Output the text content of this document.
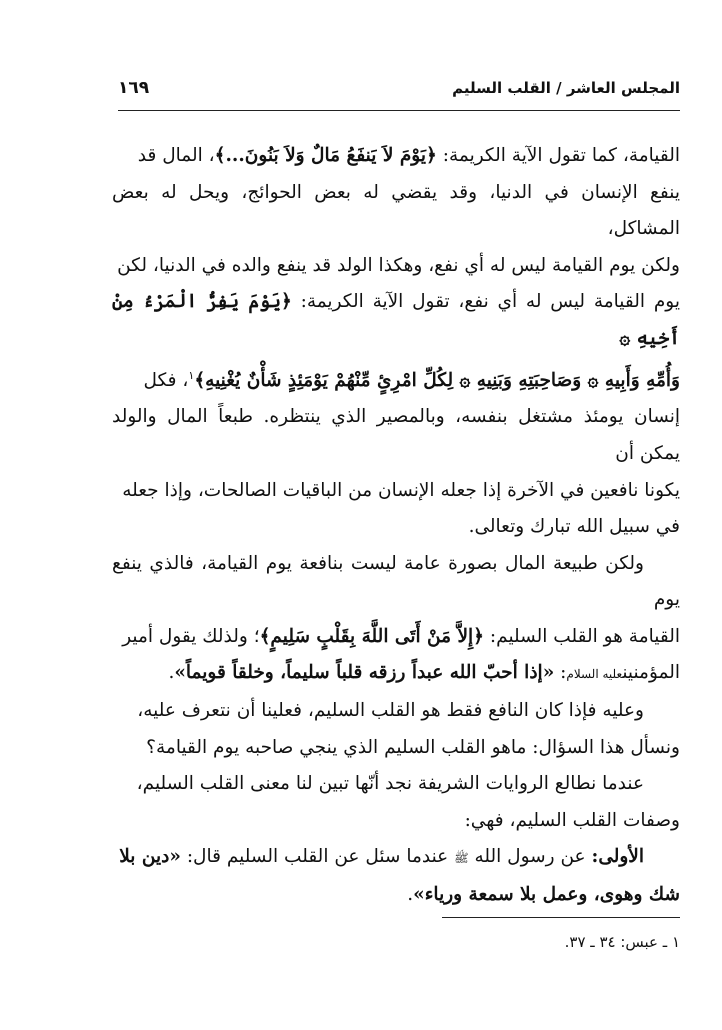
١٦٩	المجلس العاشر / القلب السليم

القيامة، كما تقول الآية الكريمة: ﴿يَوْمَ لاَ يَنفَعُ مَالٌ وَلاَ بَنُونَ...﴾، المال قد
ينفع الإنسان في الدنيا، وقد يقضي له بعض الحوائج، ويحل له بعض المشاكل،
ولكن يوم القيامة ليس له أي نفع، وهكذا الولد قد ينفع والده في الدنيا، لكن
يوم القيامة ليس له أي نفع، تقول الآية الكريمة: ﴿يَوْمَ يَفِرُّ الْمَرْءُ مِنْ أَخِيهِ ۞
وَأُمِّهِ وَأَبِيهِ ۞ وَصَاحِبَتِهِ وَبَنِيهِ ۞ لِكُلِّ امْرِئٍ مِّنْهُمْ يَوْمَئِذٍ شَأْنٌ يُغْنِيهِ﴾$^١$، فكل
إنسان يومئذ مشتغل بنفسه، وبالمصير الذي ينتظره. طبعاً المال والولد يمكن أن
يكونا نافعين في الآخرة إذا جعله الإنسان من الباقيات الصالحات، وإذا جعله
في سبيل الله تبارك وتعالى.

ولكن طبيعة المال بصورة عامة ليست بنافعة يوم القيامة، فالذي ينفع يوم
القيامة هو القلب السليم: ﴿إِلاَّ مَنْ أَتَى اللَّهَ بِقَلْبٍ سَلِيمٍ﴾؛ ولذلك يقول أمير
المؤمنينعليه السلام: «إذا أحبّ الله عبداً رزقه قلباً سليماً، وخلقاً قويماً».

وعليه فإذا كان النافع فقط هو القلب السليم، فعلينا أن نتعرف عليه،
ونسأل هذا السؤال: ماهو القلب السليم الذي ينجي صاحبه يوم القيامة؟

عندما نطالع الروايات الشريفة نجد أنّها تبين لنا معنى القلب السليم،
وصفات القلب السليم، فهي:

الأولى: عن رسول الله ﷺ عندما سئل عن القلب السليم قال: «دين بلا
شك وهوى، وعمل بلا سمعة ورياء».

١ ـ عبس: ٣٤ ـ ٣٧.
